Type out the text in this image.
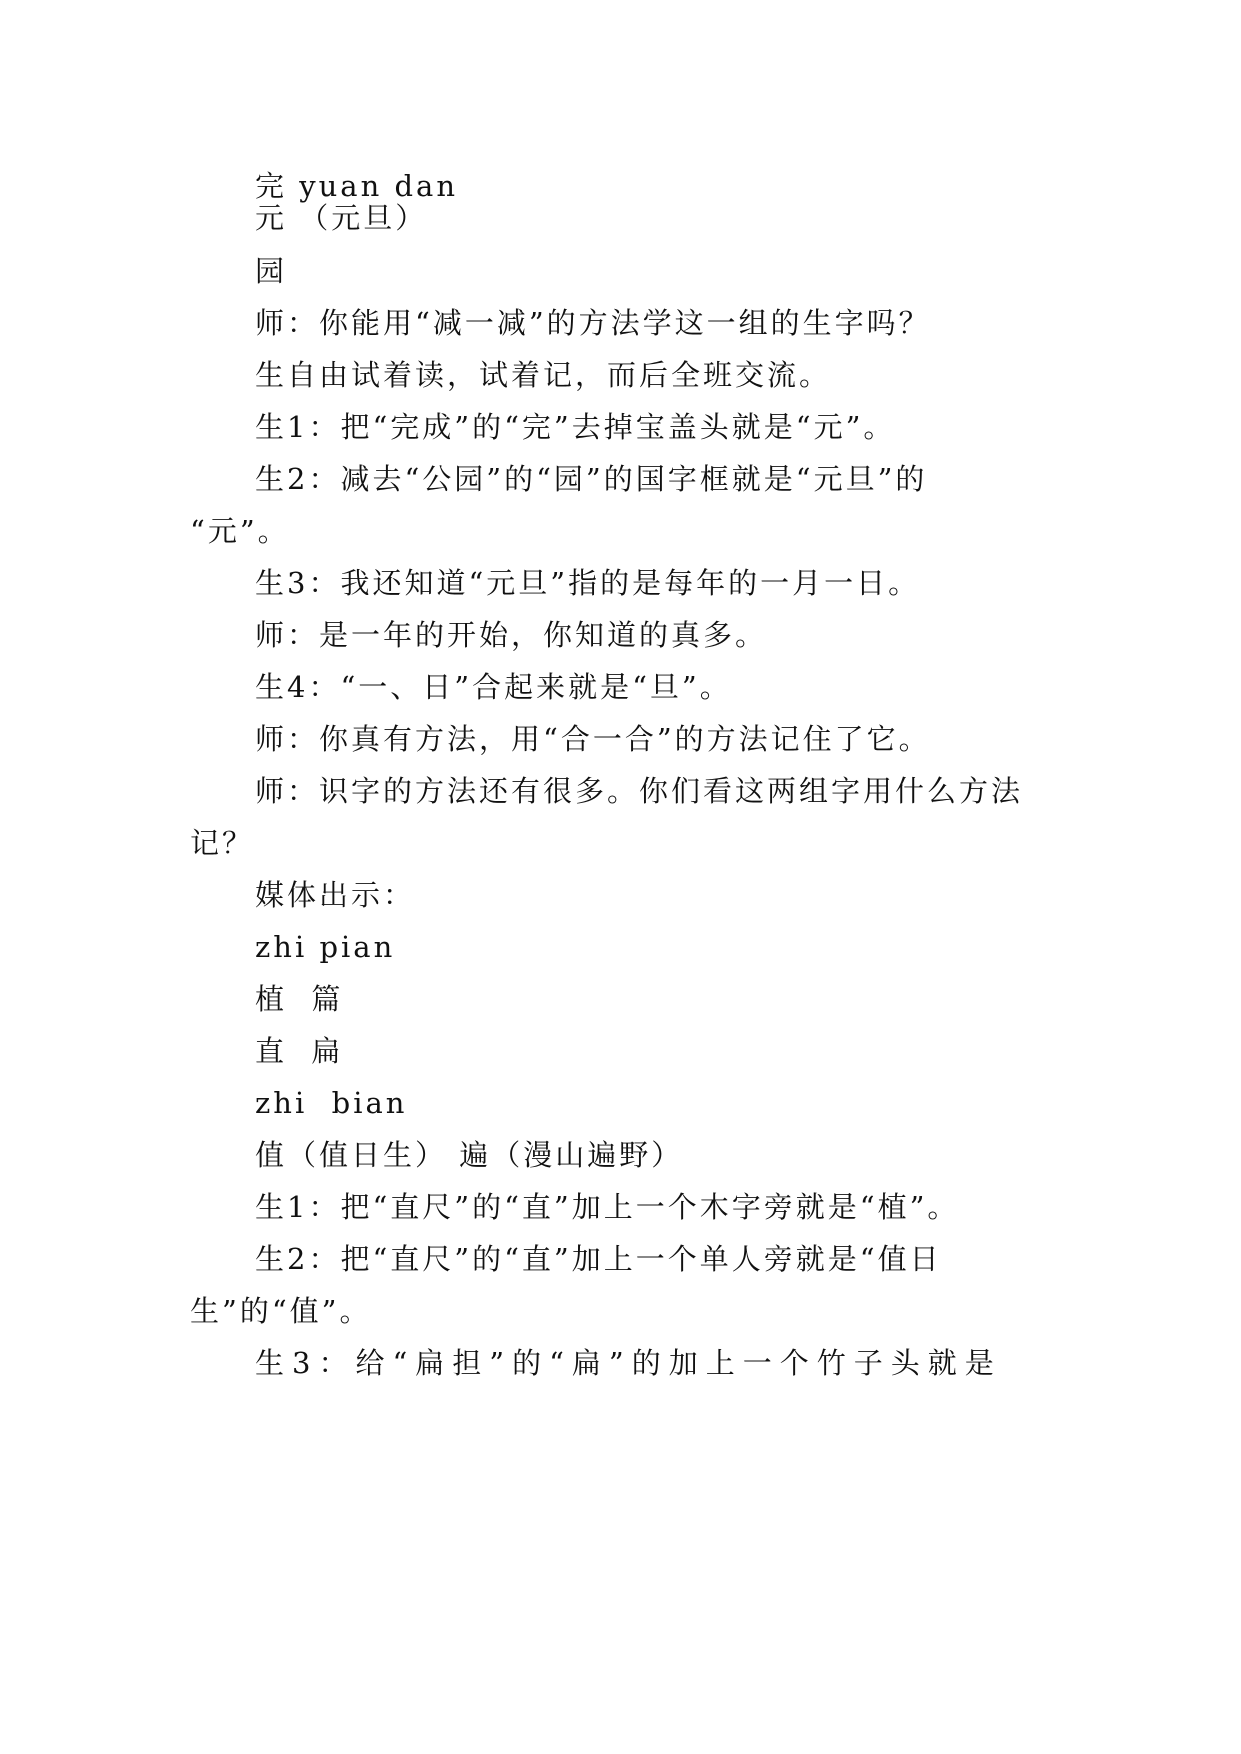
完 yuan dan
元 （元旦）
园
师：你能用“减一减”的方法学这一组的生字吗？
生自由试着读，试着记，而后全班交流。
生1：把“完成”的“完”去掉宝盖头就是“元”。
生2：减去“公园”的“园”的国字框就是“元旦”的
“元”。
生3：我还知道“元旦”指的是每年的一月一日。
师：是一年的开始，你知道的真多。
生4：“一、日”合起来就是“旦”。
师：你真有方法，用“合一合”的方法记住了它。
师：识字的方法还有很多。你们看这两组字用什么方法
记？
媒体出示：
zhi pian
植  篇
直  扁
zhi  bian
值（值日生） 遍（漫山遍野）
生1：把“直尺”的“直”加上一个木字旁就是“植”。
生2：把“直尺”的“直”加上一个单人旁就是“值日
生”的“值”。
生3：给“扁担”的“扁”的加上一个竹子头就是
